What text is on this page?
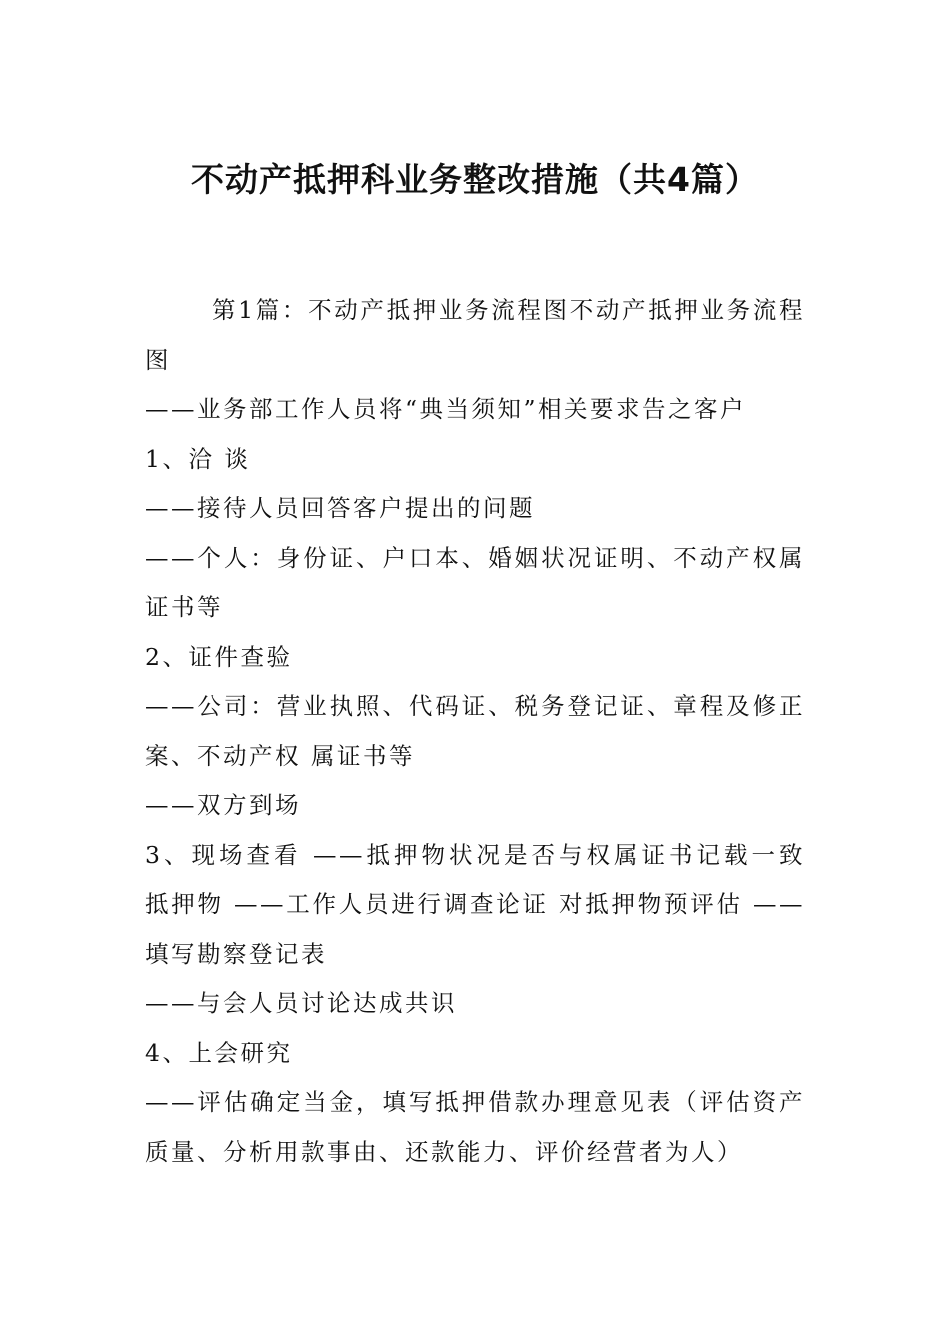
不动产抵押科业务整改措施（共4篇）

第1篇：不动产抵押业务流程图不动产抵押业务流程图

——业务部工作人员将“典当须知”相关要求告之客户

1、洽 谈

——接待人员回答客户提出的问题

——个人：身份证、户口本、婚姻状况证明、不动产权属证书等

2、证件查验

——公司：营业执照、代码证、税务登记证、章程及修正案、不动产权 属证书等

——双方到场

3、现场查看 ——抵押物状况是否与权属证书记载一致 抵押物 ——工作人员进行调查论证 对抵押物预评估 ——填写勘察登记表

——与会人员讨论达成共识

4、上会研究

——评估确定当金，填写抵押借款办理意见表（评估资产质量、分析用款事由、还款能力、评价经营者为人）
